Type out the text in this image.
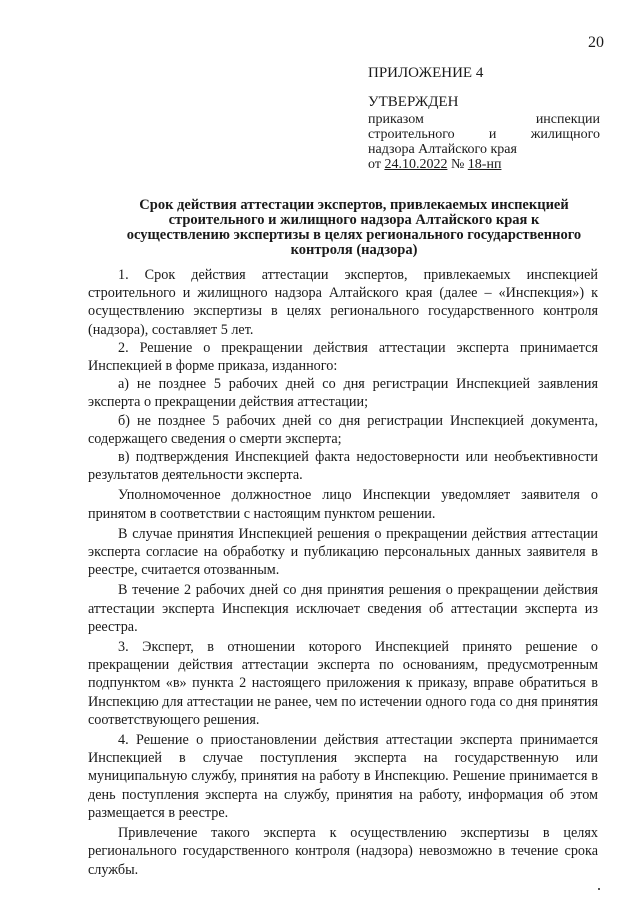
20
ПРИЛОЖЕНИЕ 4
УТВЕРЖДЕН
приказом	инспекции
строительного и жилищного
надзора Алтайского края
от 24.10.2022 № 18-нп
Срок действия аттестации экспертов, привлекаемых инспекцией строительного и жилищного надзора Алтайского края к осуществлению экспертизы в целях регионального государственного контроля (надзора)

1. Срок действия аттестации экспертов, привлекаемых инспекцией строительного и жилищного надзора Алтайского края (далее – «Инспекция») к осуществлению экспертизы в целях регионального государственного контроля (надзора), составляет 5 лет.

2. Решение о прекращении действия аттестации эксперта принимается Инспекцией в форме приказа, изданного:

а) не позднее 5 рабочих дней со дня регистрации Инспекцией заявления эксперта о прекращении действия аттестации;

б) не позднее 5 рабочих дней со дня регистрации Инспекцией документа, содержащего сведения о смерти эксперта;

в) подтверждения Инспекцией факта недостоверности или необъективности результатов деятельности эксперта.

Уполномоченное должностное лицо Инспекции уведомляет заявителя о принятом в соответствии с настоящим пунктом решении.

В случае принятия Инспекцией решения о прекращении действия аттестации эксперта согласие на обработку и публикацию персональных данных заявителя в реестре, считается отозванным.

В течение 2 рабочих дней со дня принятия решения о прекращении действия аттестации эксперта Инспекция исключает сведения об аттестации эксперта из реестра.

3. Эксперт, в отношении которого Инспекцией принято решение о прекращении действия аттестации эксперта по основаниям, предусмотренным подпунктом «в» пункта 2 настоящего приложения к приказу, вправе обратиться в Инспекцию для аттестации не ранее, чем по истечении одного года со дня принятия соответствующего решения.

4. Решение о приостановлении действия аттестации эксперта принимается Инспекцией в случае поступления эксперта на государственную или муниципальную службу, принятия на работу в Инспекцию. Решение принимается в день поступления эксперта на службу, принятия на работу, информация об этом размещается в реестре.

Привлечение такого эксперта к осуществлению экспертизы в целях регионального государственного контроля (надзора) невозможно в течение срока службы.
